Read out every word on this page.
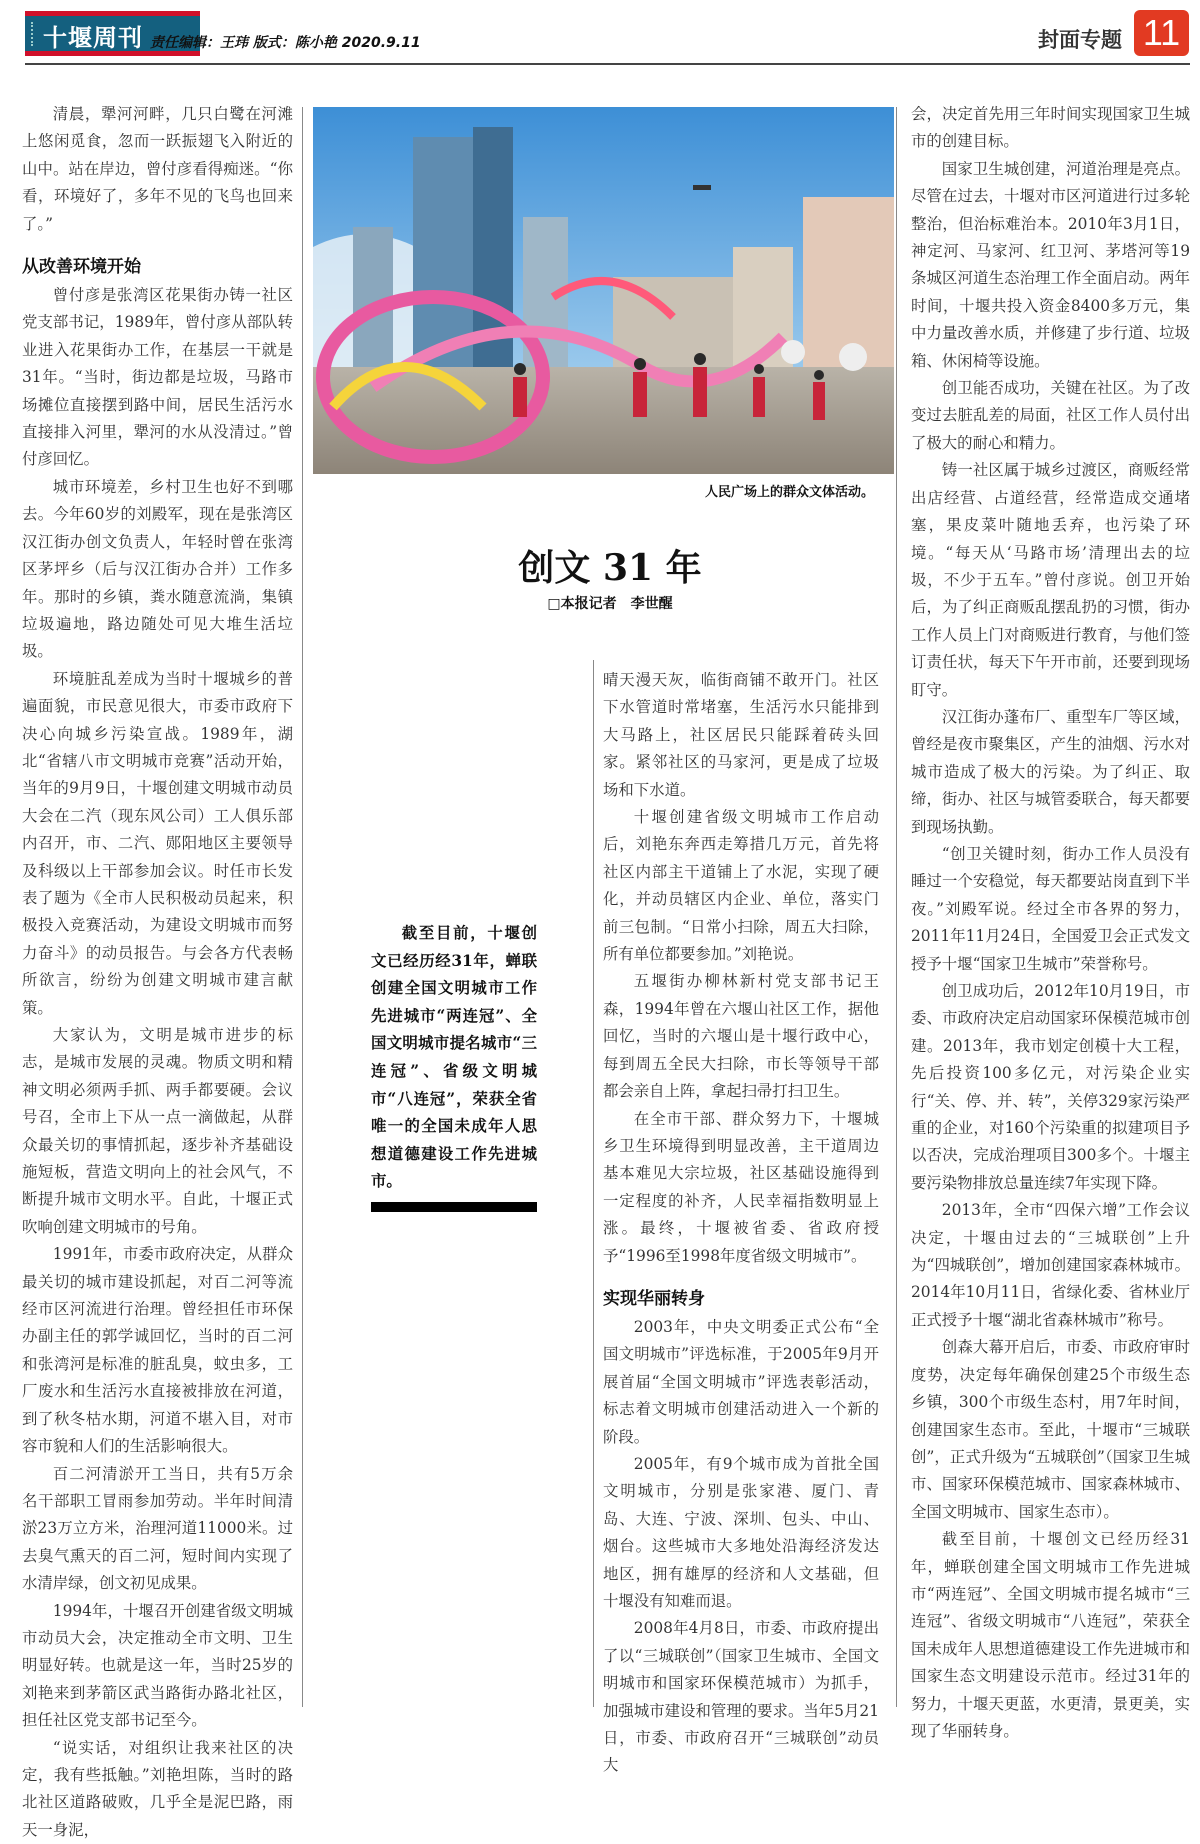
十堰周刊 责任编辑：王玮 版式：陈小艳 2020.9.11	封面专题 11

清晨，犟河河畔，几只白鹭在河滩上悠闲觅食，忽而一跃振翅飞入附近的山中。站在岸边，曾付彦看得痴迷。“你看，环境好了，多年不见的飞鸟也回来了。”

从改善环境开始

曾付彦是张湾区花果街办铸一社区党支部书记，1989年，曾付彦从部队转业进入花果街办工作，在基层一干就是31年。“当时，街边都是垃圾，马路市场摊位直接摆到路中间，居民生活污水直接排入河里，犟河的水从没清过。”曾付彦回忆。

城市环境差，乡村卫生也好不到哪去。今年60岁的刘殿军，现在是张湾区汉江街办创文负责人，年轻时曾在张湾区茅坪乡（后与汉江街办合并）工作多年。那时的乡镇，粪水随意流淌，集镇垃圾遍地，路边随处可见大堆生活垃圾。

环境脏乱差成为当时十堰城乡的普遍面貌，市民意见很大，市委市政府下决心向城乡污染宣战。1989年，湖北“省辖八市文明城市竞赛”活动开始，当年的9月9日，十堰创建文明城市动员大会在二汽（现东风公司）工人俱乐部内召开，市、二汽、郧阳地区主要领导及科级以上干部参加会议。时任市长发表了题为《全市人民积极动员起来，积极投入竞赛活动，为建设文明城市而努力奋斗》的动员报告。与会各方代表畅所欲言，纷纷为创建文明城市建言献策。

大家认为，文明是城市进步的标志，是城市发展的灵魂。物质文明和精神文明必须两手抓、两手都要硬。会议号召，全市上下从一点一滴做起，从群众最关切的事情抓起，逐步补齐基础设施短板，营造文明向上的社会风气，不断提升城市文明水平。自此，十堰正式吹响创建文明城市的号角。

1991年，市委市政府决定，从群众最关切的城市建设抓起，对百二河等流经市区河流进行治理。曾经担任市环保办副主任的郭学诚回忆，当时的百二河和张湾河是标准的脏乱臭，蚊虫多，工厂废水和生活污水直接被排放在河道，到了秋冬枯水期，河道不堪入目，对市容市貌和人们的生活影响很大。

百二河清淤开工当日，共有5万余名干部职工冒雨参加劳动。半年时间清淤23万立方米，治理河道11000米。过去臭气熏天的百二河，短时间内实现了水清岸绿，创文初见成果。

1994年，十堰召开创建省级文明城市动员大会，决定推动全市文明、卫生明显好转。也就是这一年，当时25岁的刘艳来到茅箭区武当路街办路北社区，担任社区党支部书记至今。

“说实话，对组织让我来社区的决定，我有些抵触。”刘艳坦陈，当时的路北社区道路破败，几乎全是泥巴路，雨天一身泥，

晴天漫天灰，临街商铺不敢开门。社区下水管道时常堵塞，生活污水只能排到大马路上，社区居民只能踩着砖头回家。紧邻社区的马家河，更是成了垃圾场和下水道。

十堰创建省级文明城市工作启动后，刘艳东奔西走筹措几万元，首先将社区内部主干道铺上了水泥，实现了硬化，并动员辖区内企业、单位，落实门前三包制。“日常小扫除，周五大扫除，所有单位都要参加。”刘艳说。

五堰街办柳林新村党支部书记王森，1994年曾在六堰山社区工作，据他回忆，当时的六堰山是十堰行政中心，每到周五全民大扫除，市长等领导干部都会亲自上阵，拿起扫帚打扫卫生。

在全市干部、群众努力下，十堰城乡卫生环境得到明显改善，主干道周边基本难见大宗垃圾，社区基础设施得到一定程度的补齐，人民幸福指数明显上涨。最终，十堰被省委、省政府授予“1996至1998年度省级文明城市”。

实现华丽转身

2003年，中央文明委正式公布“全国文明城市”评选标准，于2005年9月开展首届“全国文明城市”评选表彰活动，标志着文明城市创建活动进入一个新的阶段。

2005年，有9个城市成为首批全国文明城市，分别是张家港、厦门、青岛、大连、宁波、深圳、包头、中山、烟台。这些城市大多地处沿海经济发达地区，拥有雄厚的经济和人文基础，但十堰没有知难而退。

2008年4月8日，市委、市政府提出了以“三城联创”（国家卫生城市、全国文明城市和国家环保模范城市）为抓手，加强城市建设和管理的要求。当年5月21日，市委、市政府召开“三城联创”动员大

会，决定首先用三年时间实现国家卫生城市的创建目标。

国家卫生城创建，河道治理是亮点。尽管在过去，十堰对市区河道进行过多轮整治，但治标难治本。2010年3月1日，神定河、马家河、红卫河、茅塔河等19条城区河道生态治理工作全面启动。两年时间，十堰共投入资金8400多万元，集中力量改善水质，并修建了步行道、垃圾箱、休闲椅等设施。

创卫能否成功，关键在社区。为了改变过去脏乱差的局面，社区工作人员付出了极大的耐心和精力。

铸一社区属于城乡过渡区，商贩经常出店经营、占道经营，经常造成交通堵塞，果皮菜叶随地丢弃，也污染了环境。“每天从‘马路市场’清理出去的垃圾，不少于五车。”曾付彦说。创卫开始后，为了纠正商贩乱摆乱扔的习惯，街办工作人员上门对商贩进行教育，与他们签订责任状，每天下午开市前，还要到现场盯守。

汉江街办蓬布厂、重型车厂等区域，曾经是夜市聚集区，产生的油烟、污水对城市造成了极大的污染。为了纠正、取缔，街办、社区与城管委联合，每天都要到现场执勤。

“创卫关键时刻，街办工作人员没有睡过一个安稳觉，每天都要站岗直到下半夜。”刘殿军说。经过全市各界的努力，2011年11月24日，全国爱卫会正式发文授予十堰“国家卫生城市”荣誉称号。

创卫成功后，2012年10月19日，市委、市政府决定启动国家环保模范城市创建。2013年，我市划定创模十大工程，先后投资100多亿元，对污染企业实行“关、停、并、转”，关停329家污染严重的企业，对160个污染重的拟建项目予以否决，完成治理项目300多个。十堰主要污染物排放总量连续7年实现下降。

2013年，全市“四保六增”工作会议决定，十堰由过去的“三城联创”上升为“四城联创”，增加创建国家森林城市。2014年10月11日，省绿化委、省林业厅正式授予十堰“湖北省森林城市”称号。

创森大幕开启后，市委、市政府审时度势，决定每年确保创建25个市级生态乡镇，300个市级生态村，用7年时间，创建国家生态市。至此，十堰市“三城联创”，正式升级为“五城联创”（国家卫生城市、国家环保模范城市、国家森林城市、全国文明城市、国家生态市）。

截至目前，十堰创文已经历经31年，蝉联创建全国文明城市工作先进城市“两连冠”、全国文明城市提名城市“三连冠”、省级文明城市“八连冠”，荣获全国未成年人思想道德建设工作先进城市和国家生态文明建设示范市。经过31年的努力，十堰天更蓝，水更清，景更美，实现了华丽转身。

人民广场上的群众文体活动。
创文 31 年
□本报记者　李世醒
截至目前，十堰创文已经历经31年，蝉联创建全国文明城市工作先进城市“两连冠”、全国文明城市提名城市“三连冠”、省级文明城市“八连冠”，荣获全省唯一的全国未成年人思想道德建设工作先进城市。
